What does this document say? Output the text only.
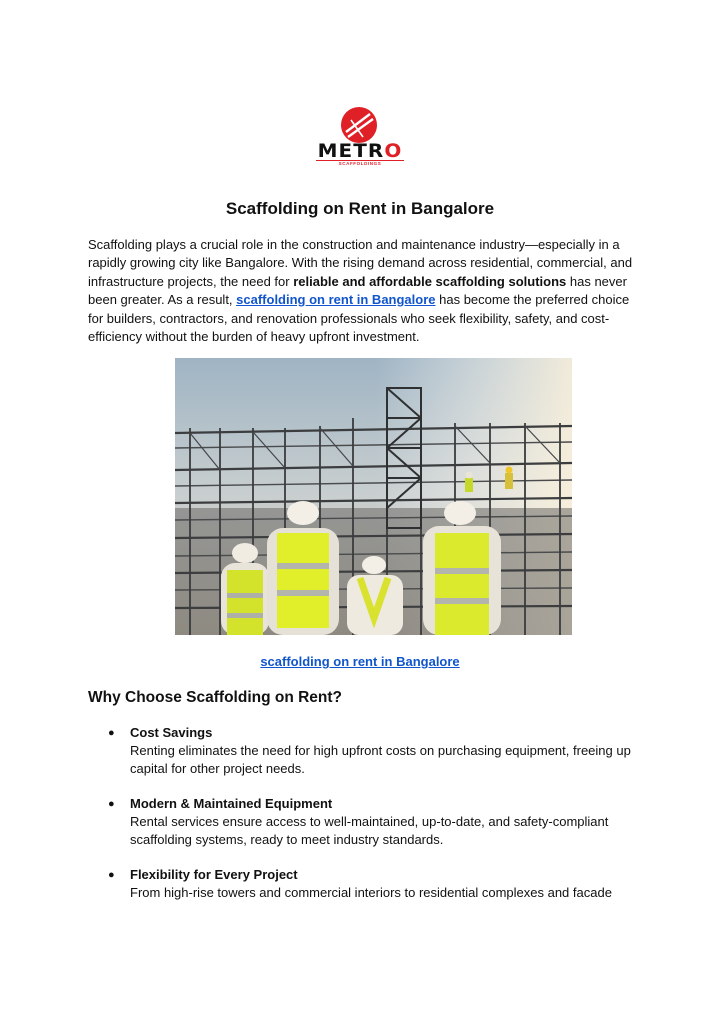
METRO
SCAFFOLDINGS
Scaffolding on Rent in Bangalore
Scaffolding plays a crucial role in the construction and maintenance industry—especially in a rapidly growing city like Bangalore. With the rising demand across residential, commercial, and infrastructure projects, the need for reliable and affordable scaffolding solutions has never been greater. As a result, scaffolding on rent in Bangalore has become the preferred choice for builders, contractors, and renovation professionals who seek flexibility, safety, and cost-efficiency without the burden of heavy upfront investment.
scaffolding on rent in Bangalore
Why Choose Scaffolding on Rent?
● Cost Savings
Renting eliminates the need for high upfront costs on purchasing equipment, freeing up capital for other project needs.
● Modern & Maintained Equipment
Rental services ensure access to well-maintained, up-to-date, and safety-compliant scaffolding systems, ready to meet industry standards.
● Flexibility for Every Project
From high-rise towers and commercial interiors to residential complexes and facade
